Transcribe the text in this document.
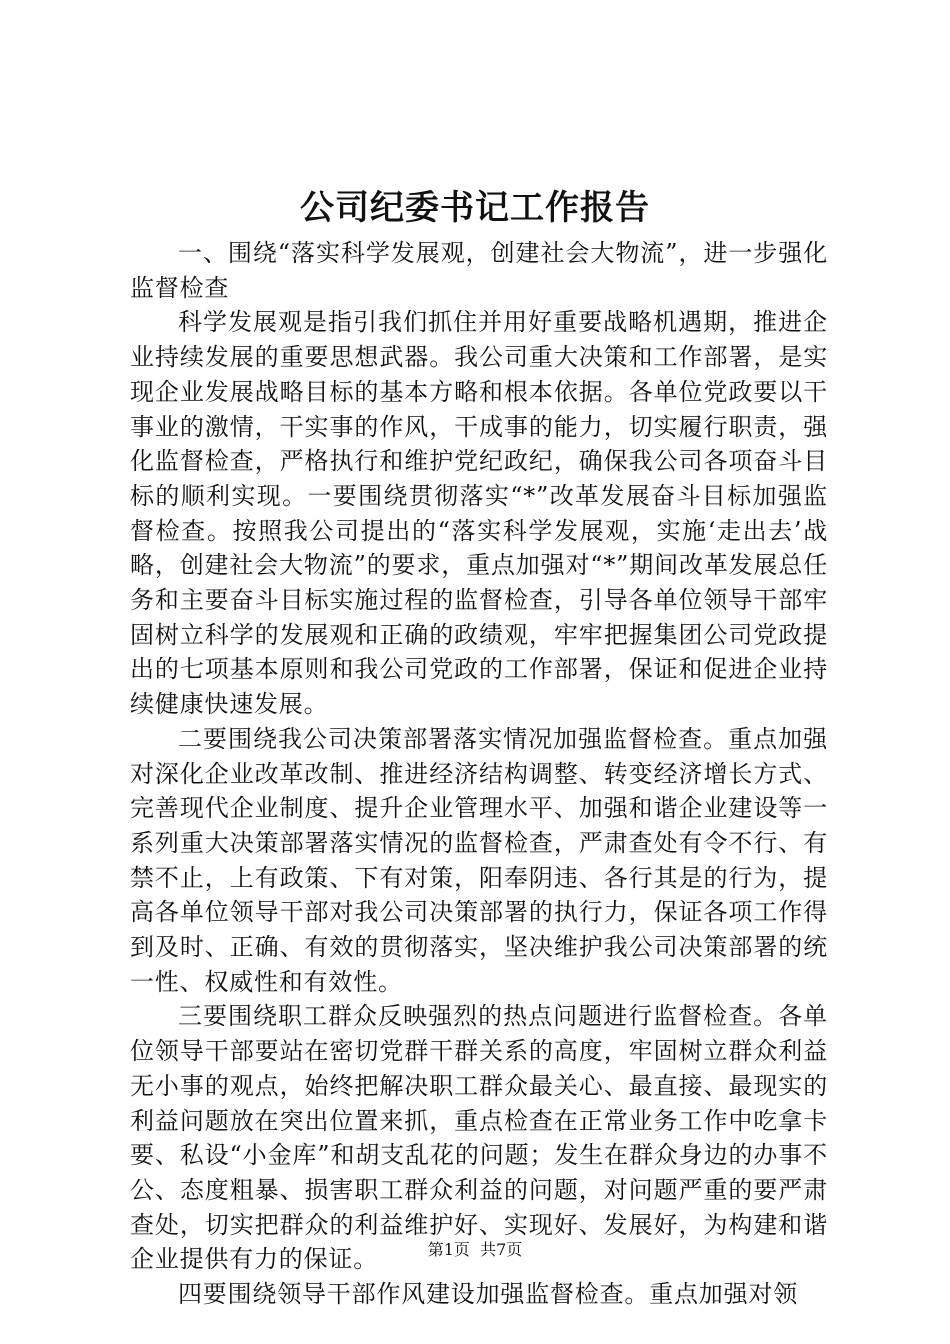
公司纪委书记工作报告

一、围绕“落实科学发展观，创建社会大物流”，进一步强化监督检查

科学发展观是指引我们抓住并用好重要战略机遇期，推进企业持续发展的重要思想武器。我公司重大决策和工作部署，是实现企业发展战略目标的基本方略和根本依据。各单位党政要以干事业的激情，干实事的作风，干成事的能力，切实履行职责，强化监督检查，严格执行和维护党纪政纪，确保我公司各项奋斗目标的顺利实现。一要围绕贯彻落实“*”改革发展奋斗目标加强监督检查。按照我公司提出的“落实科学发展观，实施‘走出去’战略，创建社会大物流”的要求，重点加强对“*”期间改革发展总任务和主要奋斗目标实施过程的监督检查，引导各单位领导干部牢固树立科学的发展观和正确的政绩观，牢牢把握集团公司党政提出的七项基本原则和我公司党政的工作部署，保证和促进企业持续健康快速发展。

二要围绕我公司决策部署落实情况加强监督检查。重点加强对深化企业改革改制、推进经济结构调整、转变经济增长方式、完善现代企业制度、提升企业管理水平、加强和谐企业建设等一系列重大决策部署落实情况的监督检查，严肃查处有令不行、有禁不止，上有政策、下有对策，阳奉阴违、各行其是的行为，提高各单位领导干部对我公司决策部署的执行力，保证各项工作得到及时、正确、有效的贯彻落实，坚决维护我公司决策部署的统一性、权威性和有效性。

三要围绕职工群众反映强烈的热点问题进行监督检查。各单位领导干部要站在密切党群干群关系的高度，牢固树立群众利益无小事的观点，始终把解决职工群众最关心、最直接、最现实的利益问题放在突出位置来抓，重点检查在正常业务工作中吃拿卡要、私设“小金库”和胡支乱花的问题；发生在群众身边的办事不公、态度粗暴、损害职工群众利益的问题，对问题严重的要严肃查处，切实把群众的利益维护好、实现好、发展好，为构建和谐企业提供有力的保证。

四要围绕领导干部作风建设加强监督检查。重点加强对领

第1页 共7页
